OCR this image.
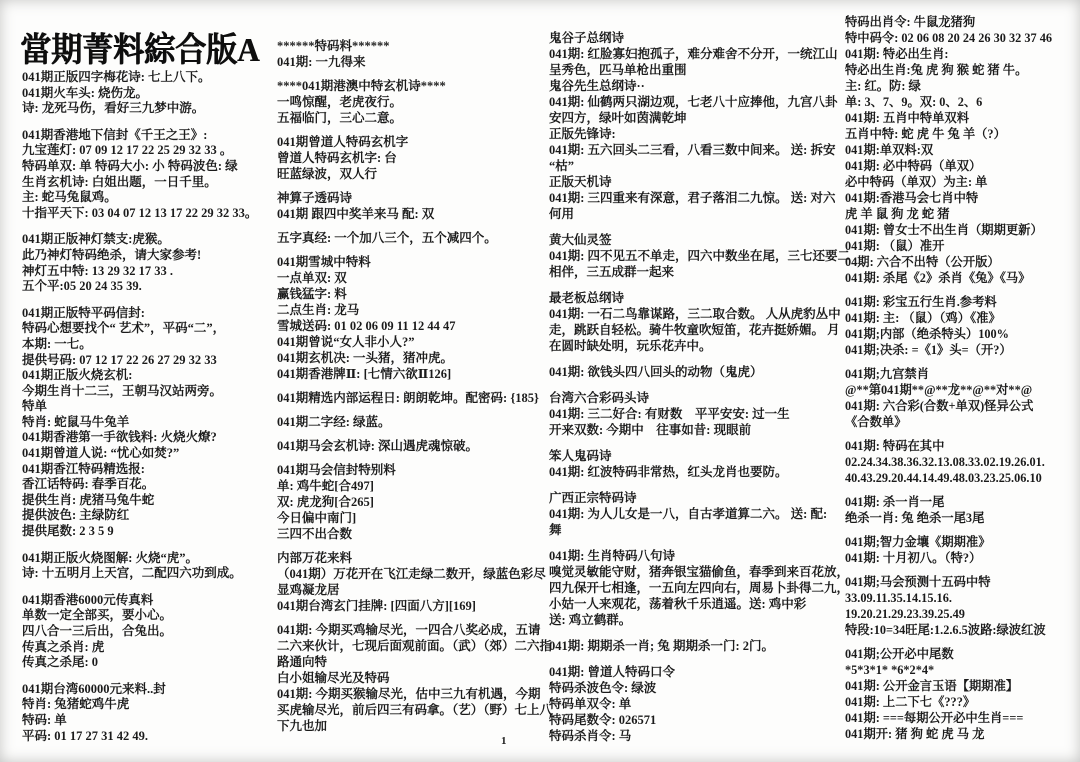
當期菁料綜合版A
041期正版四字梅花诗: 七上八下。
041期火车头: 烧伤龙。
诗: 龙死马伤，看好三九梦中游。
041期香港地下信封《千王之王》:
九宝莲灯: 07 09 12 17 22 25 29 32 33 。
特码单双: 单 特码大小: 小 特码波色: 绿
生肖玄机诗: 白姐出题，一日千里。
主: 蛇马兔鼠鸡。
十指平天下: 03 04 07 12 13 17 22 29 32 33。
041期正版神灯禁支:虎猴。
此乃神灯特码绝杀，请大家参考!
神灯五中特: 13 29 32 17 33 .
五个平:05 20 24 35 39.
041期正版特平码信封:
特码心想要找个“ 艺术”，平码“二”，
本期: 一七。
提供号码: 07 12 17 22 26 27 29 32 33
041期正版火烧玄机:
今期生肖十二三，王朝马汉站两旁。
特单
特肖: 蛇鼠马牛兔羊
041期香港第一手欲钱料: 火烧火燎?
041期曾道人说: “忧心如焚?”
041期香江特码精选报:
香江话特码: 春季百花。
提供生肖: 虎猪马兔牛蛇
提供波色: 主绿防红
提供尾数: 2 3 5 9
041期正版火烧图解: 火烧“虎”。
诗: 十五明月上天宫，二配四六功到成。
041期香港6000元传真料
单数一定全部买，要小心。
四八合一三后出，合兔出。
传真之杀肖: 虎
传真之杀尾: 0
041期台湾60000元来料..封
特肖: 兔猪蛇鸡牛虎
特码: 单
平码: 01 17 27 31 42 49.
******特码料******
041期: 一九得来
****041期港澳中特玄机诗****
一鸣惊醒，老虎夜行。
五福临门，三心二意。
041期曾道人特码玄机字
曾道人特码玄机字: 台
旺蓝绿波，双人行
神算子透码诗
041期 跟四中奖羊来马 配: 双
五字真经: 一个加八三个，五个减四个。
041期雪城中特料
一点单双: 双
赢钱猛字: 料
二点生肖: 龙马
雪城送码: 01 02 06 09 11 12 44 47
041期曾说“女人非小人?”
041期玄机决: 一头猪，猪冲虎。
041期香港牌Ⅱ: [七情六欲Ⅱ126]
041期精选内部运程日: 朗朗乾坤。配密码: {185}
041期二字经: 绿蓝。
041期马会玄机诗: 深山遇虎魂惊破。
041期马会信封特别料
单: 鸡牛蛇[合497]
双: 虎龙狗[合265]
今日偏中南门]
三四不出合数
内部万花来料
（041期）万花开在飞江走绿二数开，绿蓝色彩尽
显鸡凝龙居
041期台湾玄门挂牌: [四面八方][169]
041期: 今期买鸡输尽光，一四合八奖必成，五请
二六来伙计，七现后面观前面。（武）（郊）二六指
路通向特
白小姐输尽光及特码
041期: 今期买猴输尽光，估中三九有机遇，今期
买虎输尽光，前后四三有码拿。（艺）（野）七上八
下九也加
鬼谷子总纲诗
041期: 红脸寡妇抱孤子，难分难舍不分开，一统江山
呈秀色，匹马单枪出重围
鬼谷先生总纲诗··
041期: 仙鹤两只湖边观，七老八十应捧他，九宫八卦
安四方，绿叶如茵满乾坤
正版先锋诗:
041期: 五六回头二三看，八看三数中间来。 送: 拆安
“枯”
正版天机诗
041期: 三四重来有深意，君子落泪二九惊。 送: 对六
何用
黄大仙灵签
041期: 四不见五不单走，四六中数坐在尾，三七还要二
相伴，三五成群一起来
最老板总纲诗
041期: 一石二鸟靠谋路，三二取合数。 人从虎豹丛中
走，跳跃自轻松。骑牛牧童吹短笛，花卉挺娇媚。 月
在圆时缺处明，玩乐花卉中。
041期: 欲钱头四八回头的动物（鬼虎）
台湾六合彩码头诗
041期: 三二好合: 有财数　平平安安: 过一生
开来双数: 今期中　往事如昔: 现眼前
笨人鬼码诗
041期: 红波特码非常热，红头龙肖也要防。
广西正宗特码诗
041期: 为人儿女是一八，自古孝道算二六。 送: 配:
舞
041期: 生肖特码八句诗
嗅觉灵敏能守财，猪奔银宝猫偷鱼，春季到来百花放，
四九保开七相逢，一五向左四向右，周易卜卦得二九，
小姑一人来观花，荡着秋千乐逍遥。送: 鸡中彩
送: 鸡立鹤群。
041期: 期期杀一肖; 兔 期期杀一门: 2门。
041期: 曾道人特码口令
特码杀波色令: 绿波
特码单双令: 单
特码尾数令: 026571
特码杀肖令: 马
特码出肖令: 牛鼠龙猪狗
特中码令: 02 06 08 20 24 26 30 32 37 46
041期: 特必出生肖:
特必出生肖:兔 虎 狗 猴 蛇 猪 牛。
主: 红。防: 绿
单: 3、7、9。双: 0、2、6
041期: 五肖中特单双料
五肖中特: 蛇 虎 牛 兔 羊（?）
041期:单双料:双
041期: 必中特码（单双）
必中特码（单双）为主: 单
041期:香港马会七肖中特
虎 羊 鼠 狗 龙 蛇 猪
041期: 曾女士不出生肖（期期更新）
041期: （鼠）准开
04期: 六合不出特（公开版）
041期: 杀尾《2》杀肖《兔》《马》
041期: 彩宝五行生肖.参考料
041期: 主: （鼠）（鸡）《准》
041期;内部（绝杀特头）100%
041期;决杀: =《1》头=（开?）
041期;九宫禁肖
@**第041期**@**龙**@**对**@
041期: 六合彩(合数+单双)怪异公式
《合数单》
041期: 特码在其中
02.24.34.38.36.32.13.08.33.02.19.26.01.
40.43.29.20.44.14.49.48.03.23.25.06.10
041期: 杀一肖一尾
绝杀一肖: 兔 绝杀一尾3尾
041期;智力金壤《期期准》
041期: 十月初八。（特?）
041期;马会预测十五码中特
33.09.11.35.14.15.16.
19.20.21.29.23.39.25.49
特段:10=34旺尾:1.2.6.5波路:绿波红波
041期;公开必中尾数
*5*3*1* *6*2*4*
041期: 公开金言玉语【期期准】
041期: 上二下七《???》
041期: ===每期公开必中生肖===
041期开: 猪 狗 蛇 虎 马 龙
1
